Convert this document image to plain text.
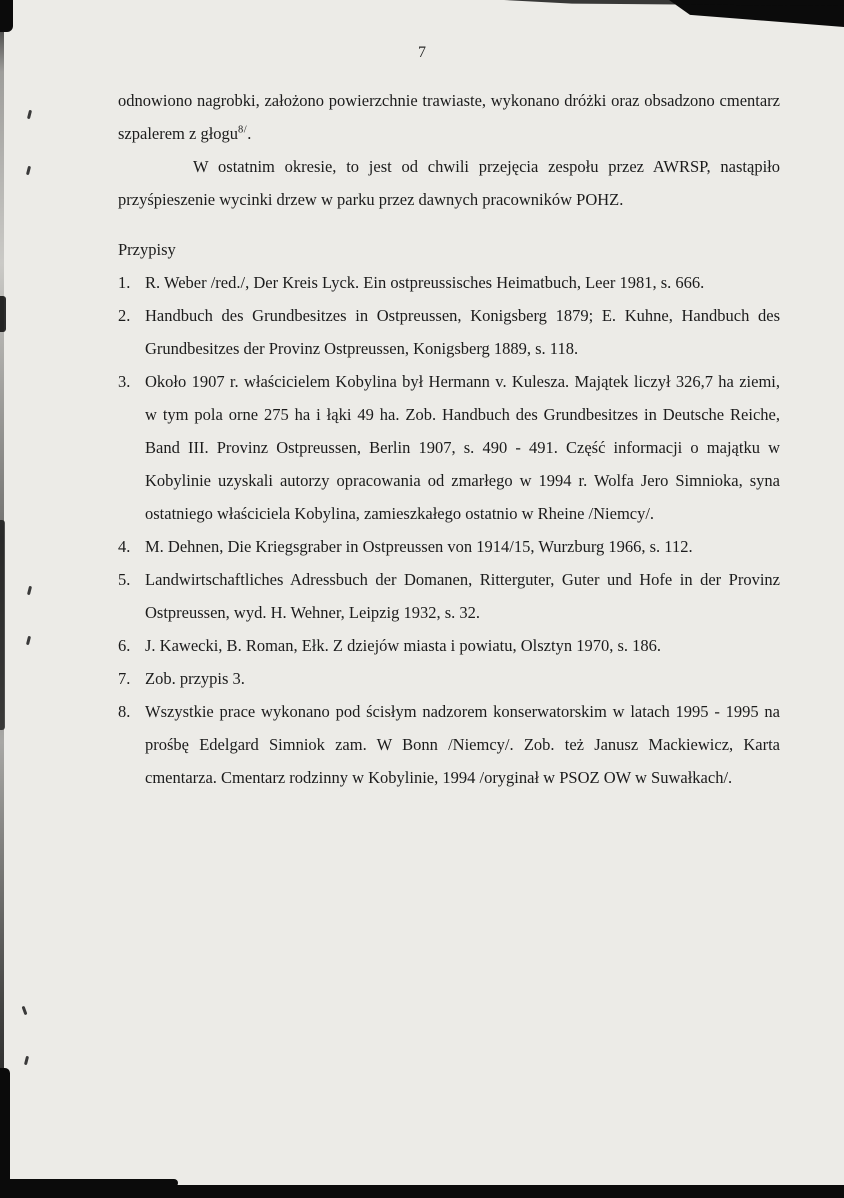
7

odnowiono nagrobki, założono powierzchnie trawiaste, wykonano dróżki oraz obsadzono cmentarz szpalerem z głogu$^{8/}$.

W ostatnim okresie, to jest od chwili przejęcia zespołu przez AWRSP, nastąpiło przyśpieszenie wycinki drzew w parku przez dawnych pracowników POHZ.

Przypisy

1. R. Weber /red./, Der Kreis Lyck. Ein ostpreussisches Heimatbuch, Leer 1981, s. 666.
2. Handbuch des Grundbesitzes in Ostpreussen, Konigsberg 1879; E. Kuhne, Handbuch des Grundbesitzes der Provinz Ostpreussen, Konigsberg 1889, s. 118.
3. Około 1907 r. właścicielem Kobylina był Hermann v. Kulesza. Majątek liczył 326,7 ha ziemi, w tym pola orne 275 ha i łąki 49 ha. Zob. Handbuch des Grundbesitzes in Deutsche Reiche, Band III. Provinz Ostpreussen, Berlin 1907, s. 490 - 491. Część informacji o majątku w Kobylinie uzyskali autorzy opracowania od zmarłego w 1994 r. Wolfa Jero Simnioka, syna ostatniego właściciela Kobylina, zamieszkałego ostatnio w Rheine /Niemcy/.
4. M. Dehnen, Die Kriegsgraber in Ostpreussen von 1914/15, Wurzburg 1966, s. 112.
5. Landwirtschaftliches Adressbuch der Domanen, Ritterguter, Guter und Hofe in der Provinz Ostpreussen, wyd. H. Wehner, Leipzig 1932, s. 32.
6. J. Kawecki, B. Roman, Ełk. Z dziejów miasta i powiatu, Olsztyn 1970, s. 186.
7. Zob. przypis 3.
8. Wszystkie prace wykonano pod ścisłym nadzorem konserwatorskim w latach 1995 - 1995 na prośbę Edelgard Simniok zam. W Bonn /Niemcy/. Zob. też Janusz Mackiewicz, Karta cmentarza. Cmentarz rodzinny w Kobylinie, 1994 /oryginał w PSOZ OW w Suwałkach/.
